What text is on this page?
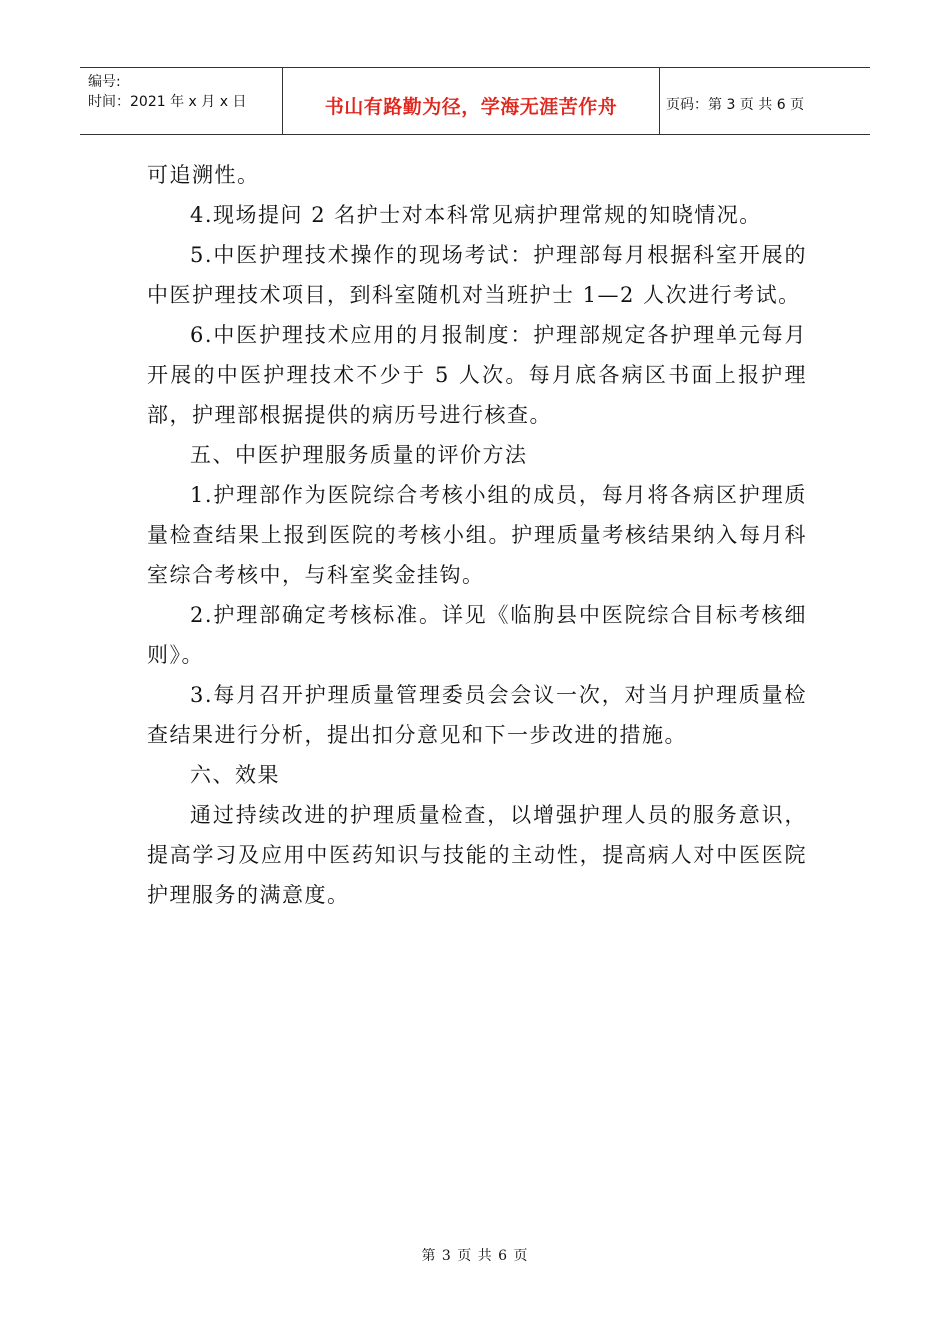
编号:
时间：2021 年 x 月 x 日	书山有路勤为径，学海无涯苦作舟	页码：第 3 页 共 6 页

可追溯性。

4.现场提问 2 名护士对本科常见病护理常规的知晓情况。

5.中医护理技术操作的现场考试：护理部每月根据科室开展的中医护理技术项目，到科室随机对当班护士 1—2 人次进行考试。

6.中医护理技术应用的月报制度：护理部规定各护理单元每月开展的中医护理技术不少于 5 人次。每月底各病区书面上报护理部，护理部根据提供的病历号进行核查。

五、中医护理服务质量的评价方法

1.护理部作为医院综合考核小组的成员，每月将各病区护理质量检查结果上报到医院的考核小组。护理质量考核结果纳入每月科室综合考核中，与科室奖金挂钩。

2.护理部确定考核标准。详见《临朐县中医院综合目标考核细则》。

3.每月召开护理质量管理委员会会议一次，对当月护理质量检查结果进行分析，提出扣分意见和下一步改进的措施。

六、效果

通过持续改进的护理质量检查，以增强护理人员的服务意识，提高学习及应用中医药知识与技能的主动性，提高病人对中医医院护理服务的满意度。

第 3 页 共 6 页
